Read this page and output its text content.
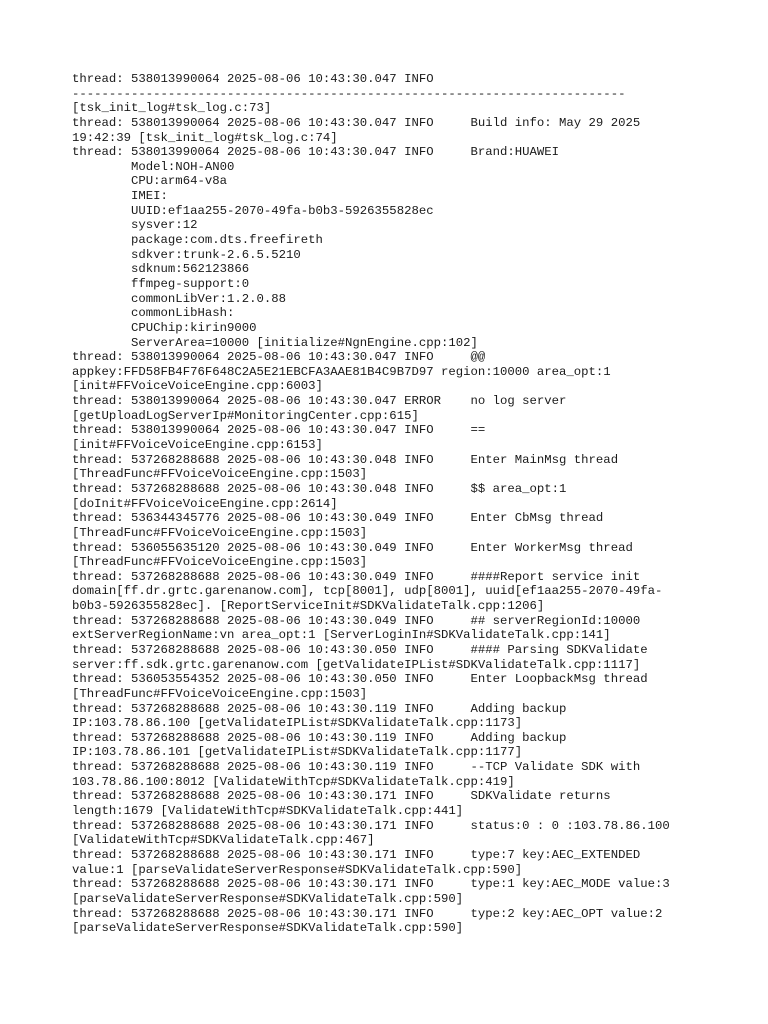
thread: 538013990064 2025-08-06 10:43:30.047 INFO
---------------------------------------------------------------------------
[tsk_init_log#tsk_log.c:73]
thread: 538013990064 2025-08-06 10:43:30.047 INFO     Build info: May 29 2025
19:42:39 [tsk_init_log#tsk_log.c:74]
thread: 538013990064 2025-08-06 10:43:30.047 INFO     Brand:HUAWEI
Model:NOH-AN00
CPU:arm64-v8a
IMEI:
UUID:ef1aa255-2070-49fa-b0b3-5926355828ec
sysver:12
package:com.dts.freefireth
sdkver:trunk-2.6.5.5210
sdknum:562123866
ffmpeg-support:0
commonLibVer:1.2.0.88
commonLibHash:
CPUChip:kirin9000
ServerArea=10000 [initialize#NgnEngine.cpp:102]
thread: 538013990064 2025-08-06 10:43:30.047 INFO     @@
appkey:FFD58FB4F76F648C2A5E21EBCFA3AAE81B4C9B7D97 region:10000 area_opt:1
[init#FFVoiceVoiceEngine.cpp:6003]
thread: 538013990064 2025-08-06 10:43:30.047 ERROR    no log server
[getUploadLogServerIp#MonitoringCenter.cpp:615]
thread: 538013990064 2025-08-06 10:43:30.047 INFO     ==
[init#FFVoiceVoiceEngine.cpp:6153]
thread: 537268288688 2025-08-06 10:43:30.048 INFO     Enter MainMsg thread
[ThreadFunc#FFVoiceVoiceEngine.cpp:1503]
thread: 537268288688 2025-08-06 10:43:30.048 INFO     $$ area_opt:1
[doInit#FFVoiceVoiceEngine.cpp:2614]
thread: 536344345776 2025-08-06 10:43:30.049 INFO     Enter CbMsg thread
[ThreadFunc#FFVoiceVoiceEngine.cpp:1503]
thread: 536055635120 2025-08-06 10:43:30.049 INFO     Enter WorkerMsg thread
[ThreadFunc#FFVoiceVoiceEngine.cpp:1503]
thread: 537268288688 2025-08-06 10:43:30.049 INFO     ####Report service init
domain[ff.dr.grtc.garenanow.com], tcp[8001], udp[8001], uuid[ef1aa255-2070-49fa-
b0b3-5926355828ec]. [ReportServiceInit#SDKValidateTalk.cpp:1206]
thread: 537268288688 2025-08-06 10:43:30.049 INFO     ## serverRegionId:10000
extServerRegionName:vn area_opt:1 [ServerLoginIn#SDKValidateTalk.cpp:141]
thread: 537268288688 2025-08-06 10:43:30.050 INFO     #### Parsing SDKValidate
server:ff.sdk.grtc.garenanow.com [getValidateIPList#SDKValidateTalk.cpp:1117]
thread: 536053554352 2025-08-06 10:43:30.050 INFO     Enter LoopbackMsg thread
[ThreadFunc#FFVoiceVoiceEngine.cpp:1503]
thread: 537268288688 2025-08-06 10:43:30.119 INFO     Adding backup
IP:103.78.86.100 [getValidateIPList#SDKValidateTalk.cpp:1173]
thread: 537268288688 2025-08-06 10:43:30.119 INFO     Adding backup
IP:103.78.86.101 [getValidateIPList#SDKValidateTalk.cpp:1177]
thread: 537268288688 2025-08-06 10:43:30.119 INFO     --TCP Validate SDK with
103.78.86.100:8012 [ValidateWithTcp#SDKValidateTalk.cpp:419]
thread: 537268288688 2025-08-06 10:43:30.171 INFO     SDKValidate returns
length:1679 [ValidateWithTcp#SDKValidateTalk.cpp:441]
thread: 537268288688 2025-08-06 10:43:30.171 INFO     status:0 : 0 :103.78.86.100
[ValidateWithTcp#SDKValidateTalk.cpp:467]
thread: 537268288688 2025-08-06 10:43:30.171 INFO     type:7 key:AEC_EXTENDED
value:1 [parseValidateServerResponse#SDKValidateTalk.cpp:590]
thread: 537268288688 2025-08-06 10:43:30.171 INFO     type:1 key:AEC_MODE value:3
[parseValidateServerResponse#SDKValidateTalk.cpp:590]
thread: 537268288688 2025-08-06 10:43:30.171 INFO     type:2 key:AEC_OPT value:2
[parseValidateServerResponse#SDKValidateTalk.cpp:590]
